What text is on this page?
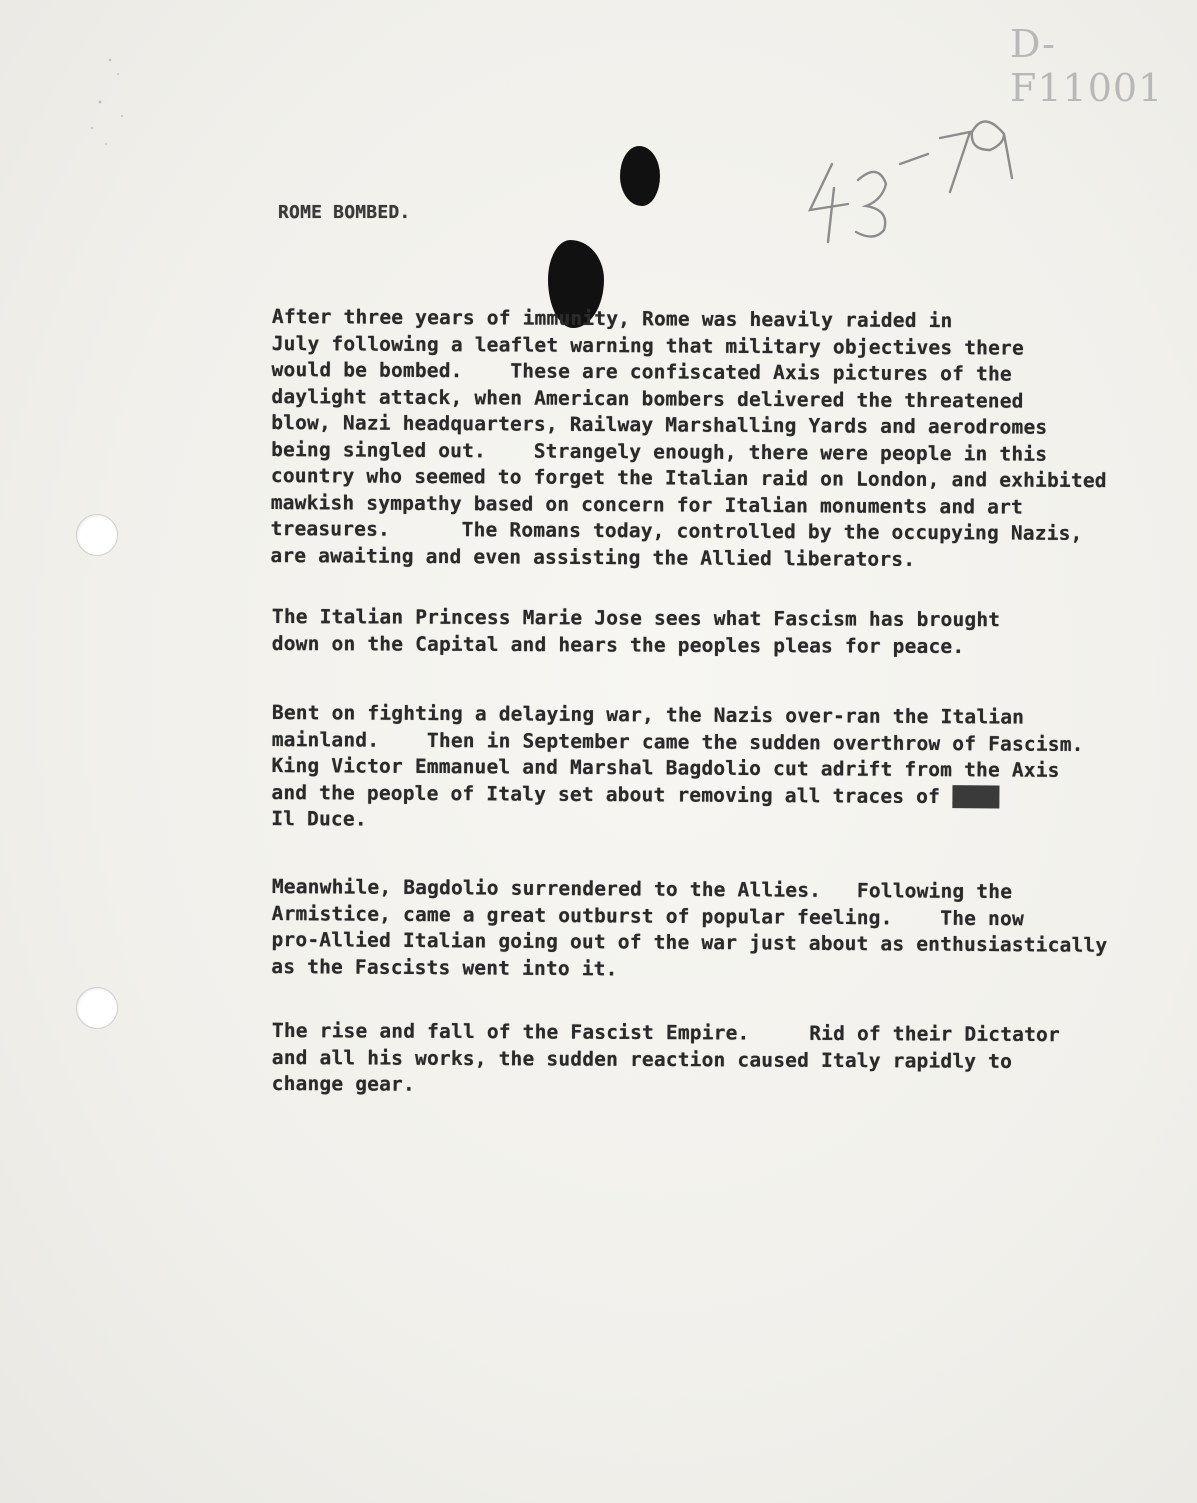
D-F11001
ROME BOMBED.
After three years of immunity, Rome was heavily raided in
July following a leaflet warning that military objectives there
would be bombed.    These are confiscated Axis pictures of the
daylight attack, when American bombers delivered the threatened
blow, Nazi headquarters, Railway Marshalling Yards and aerodromes
being singled out.    Strangely enough, there were people in this
country who seemed to forget the Italian raid on London, and exhibited
mawkish sympathy based on concern for Italian monuments and art
treasures.      The Romans today, controlled by the occupying Nazis,
are awaiting and even assisting the Allied liberators.
The Italian Princess Marie Jose sees what Fascism has brought
down on the Capital and hears the peoples pleas for peace.
Bent on fighting a delaying war, the Nazis over-ran the Italian
mainland.    Then in September came the sudden overthrow of Fascism.
King Victor Emmanuel and Marshal Bagdolio cut adrift from the Axis
and the people of Italy set about removing all traces of XXXX
Il Duce.
Meanwhile, Bagdolio surrendered to the Allies.   Following the
Armistice, came a great outburst of popular feeling.    The now
pro-Allied Italian going out of the war just about as enthusiastically
as the Fascists went into it.
The rise and fall of the Fascist Empire.     Rid of their Dictator
and all his works, the sudden reaction caused Italy rapidly to
change gear.
